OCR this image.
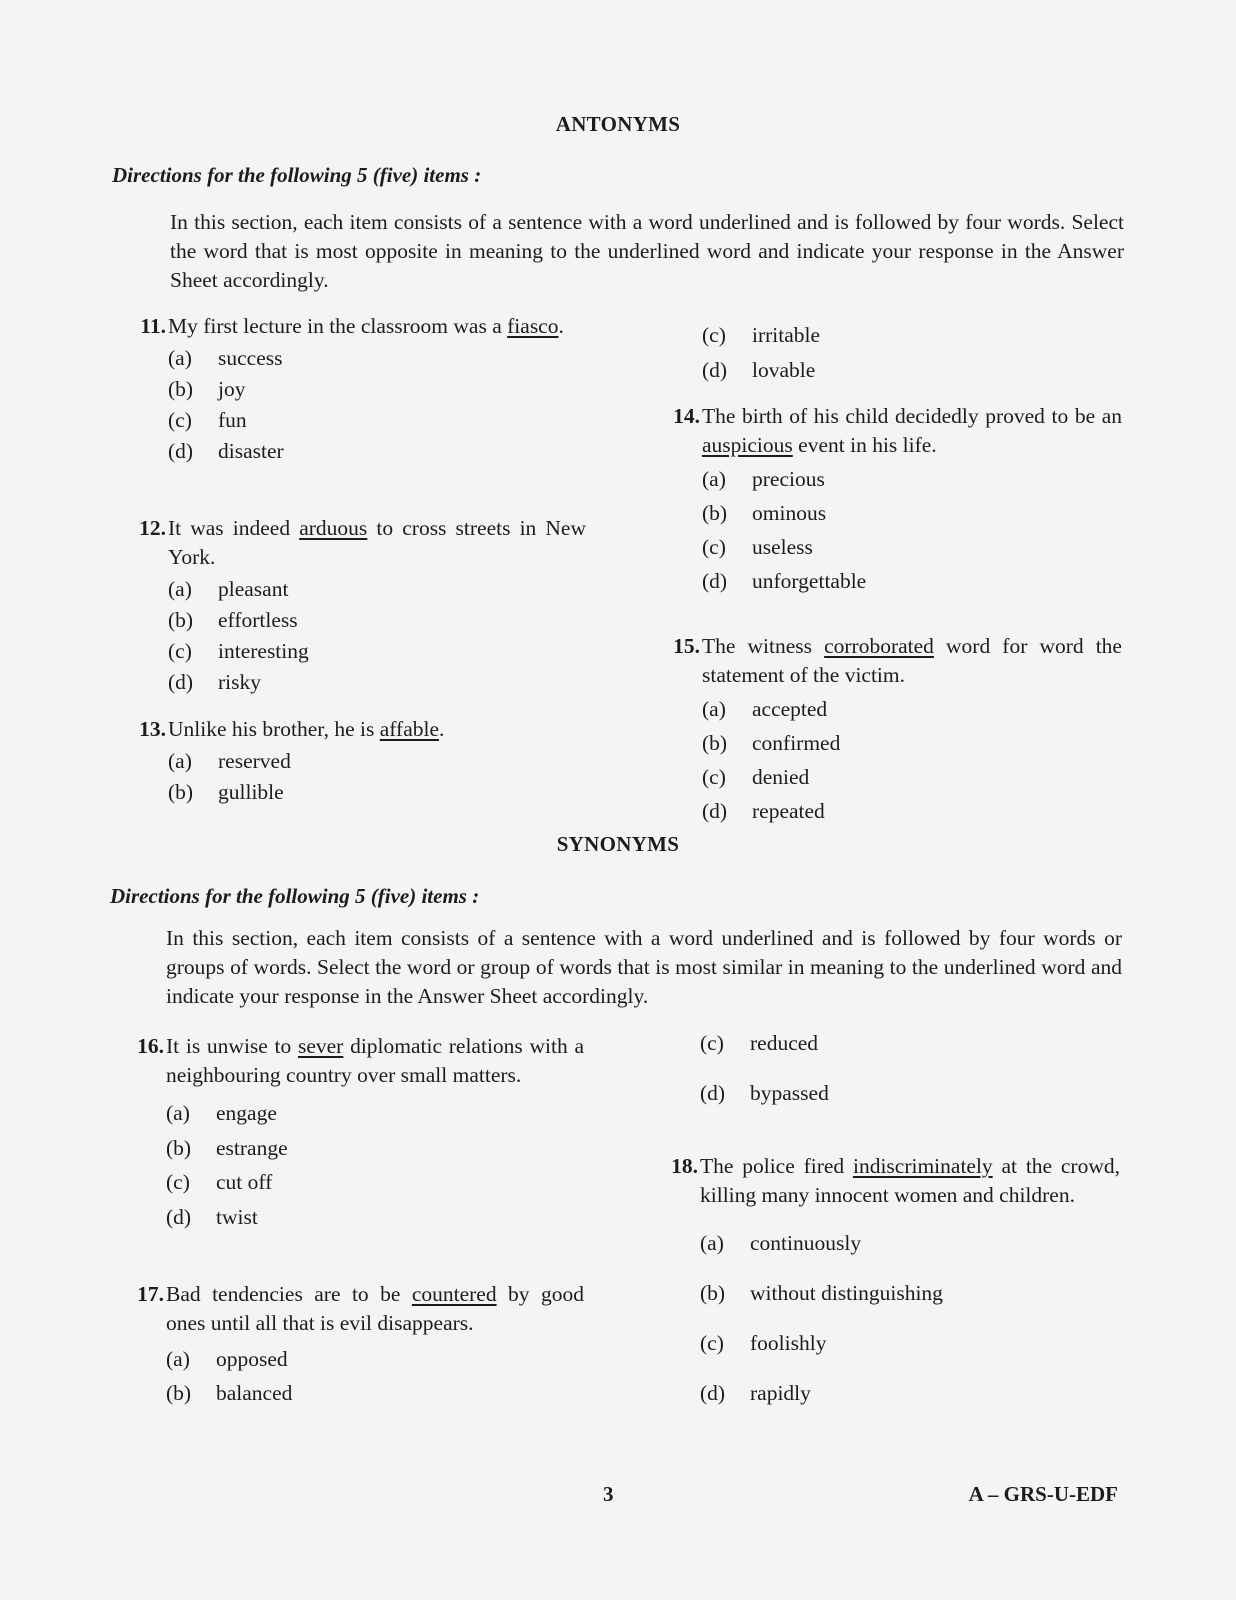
ANTONYMS
Directions for the following 5 (five) items :
In this section, each item consists of a sentence with a word underlined and is followed by four words. Select the word that is most opposite in meaning to the underlined word and indicate your response in the Answer Sheet accordingly.
11. My first lecture in the classroom was a fiasco.
(a) success
(b) joy
(c) fun
(d) disaster
12. It was indeed arduous to cross streets in New York.
(a) pleasant
(b) effortless
(c) interesting
(d) risky
13. Unlike his brother, he is affable.
(a) reserved
(b) gullible
(c) irritable
(d) lovable
14. The birth of his child decidedly proved to be an auspicious event in his life.
(a) precious
(b) ominous
(c) useless
(d) unforgettable
15. The witness corroborated word for word the statement of the victim.
(a) accepted
(b) confirmed
(c) denied
(d) repeated
SYNONYMS
Directions for the following 5 (five) items :
In this section, each item consists of a sentence with a word underlined and is followed by four words or groups of words. Select the word or group of words that is most similar in meaning to the underlined word and indicate your response in the Answer Sheet accordingly.
16. It is unwise to sever diplomatic relations with a neighbouring country over small matters.
(a) engage
(b) estrange
(c) cut off
(d) twist
17. Bad tendencies are to be countered by good ones until all that is evil disappears.
(a) opposed
(b) balanced
(c) reduced
(d) bypassed
18. The police fired indiscriminately at the crowd, killing many innocent women and children.
(a) continuously
(b) without distinguishing
(c) foolishly
(d) rapidly
3	A – GRS-U-EDF
